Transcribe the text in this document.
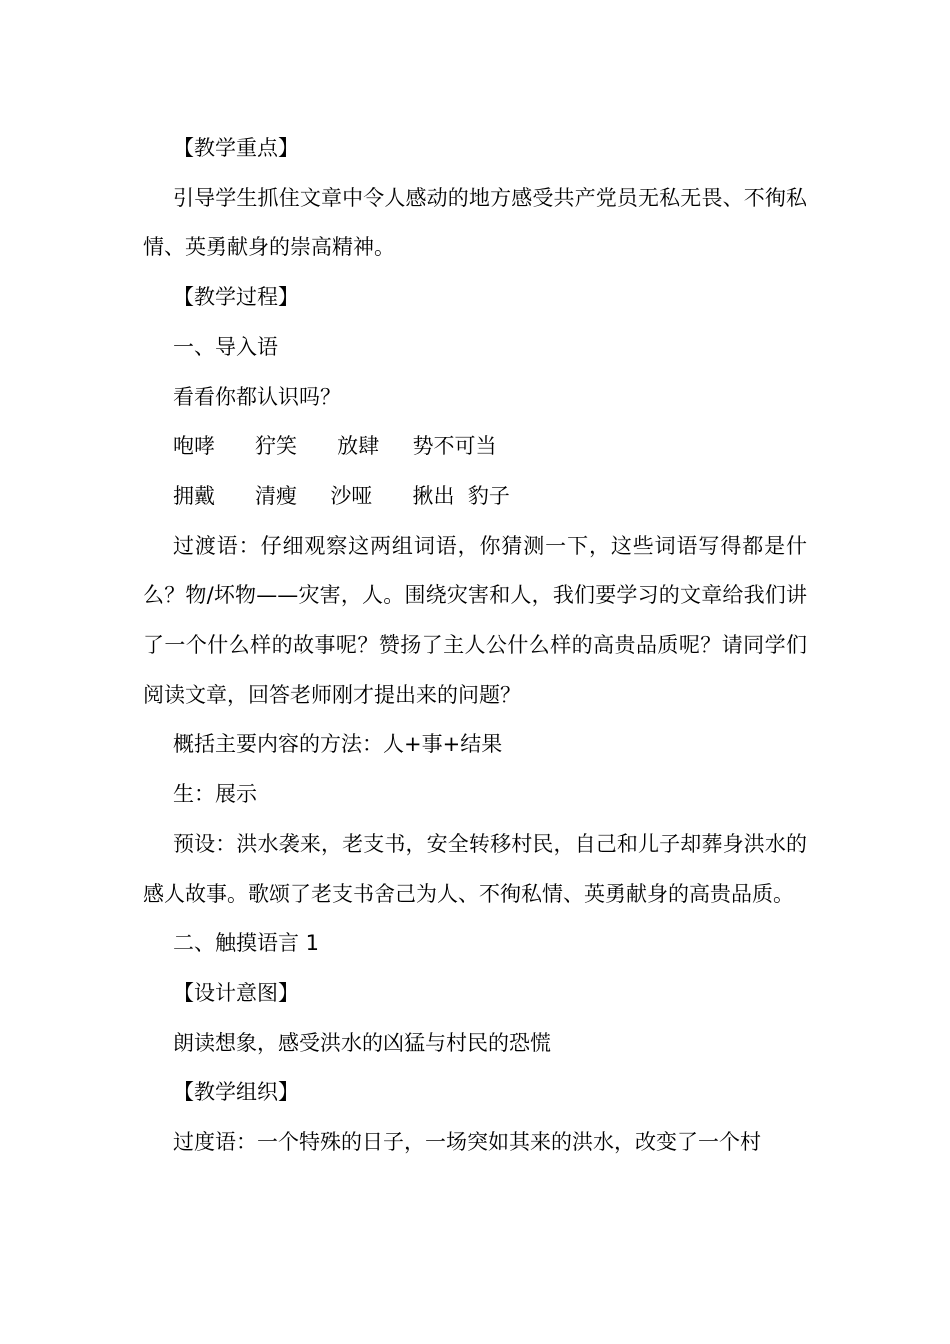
【教学重点】

引导学生抓住文章中令人感动的地方感受共产党员无私无畏、不徇私情、英勇献身的崇高精神。

【教学过程】

一、导入语

看看你都认识吗？

咆哮      狞笑      放肆     势不可当

拥戴      清瘦     沙哑      揪出  豹子

过渡语：仔细观察这两组词语，你猜测一下，这些词语写得都是什么？物/坏物——灾害，人。围绕灾害和人，我们要学习的文章给我们讲了一个什么样的故事呢？赞扬了主人公什么样的高贵品质呢？请同学们阅读文章，回答老师刚才提出来的问题？

概括主要内容的方法：人+事+结果

生：展示

预设：洪水袭来，老支书，安全转移村民，自己和儿子却葬身洪水的感人故事。歌颂了老支书舍己为人、不徇私情、英勇献身的高贵品质。

二、触摸语言 1

【设计意图】

朗读想象，感受洪水的凶猛与村民的恐慌

【教学组织】

过度语：一个特殊的日子，一场突如其来的洪水，改变了一个村
